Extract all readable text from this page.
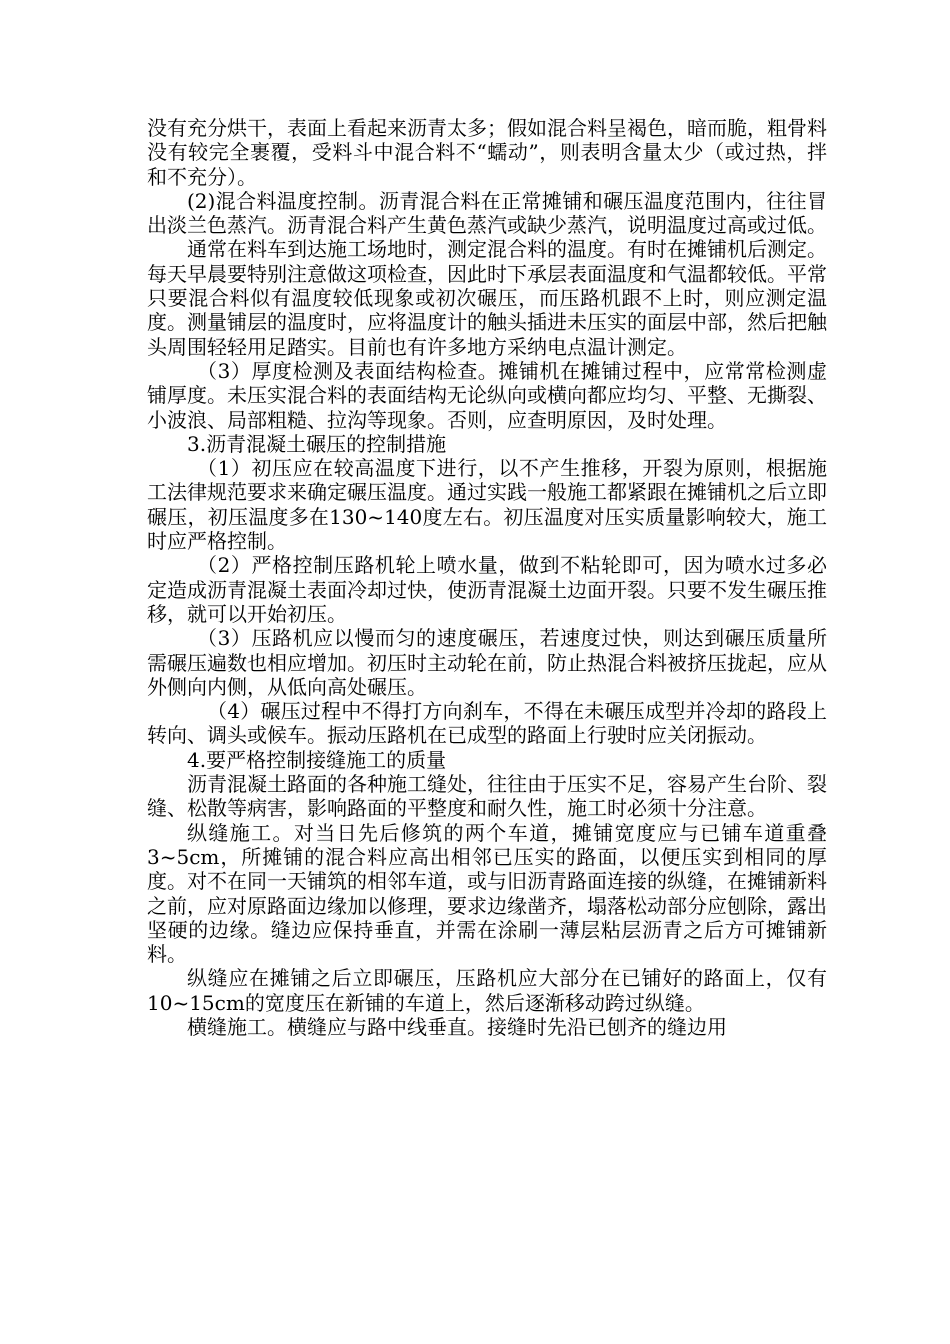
没有充分烘干，表面上看起来沥青太多；假如混合料呈褐色，暗而脆，粗骨料没有较完全裹覆，受料斗中混合料不“蠕动”，则表明含量太少（或过热，拌和不充分）。

(2)混合料温度控制。沥青混合料在正常摊铺和碾压温度范围内，往往冒出淡兰色蒸汽。沥青混合料产生黄色蒸汽或缺少蒸汽，说明温度过高或过低。

通常在料车到达施工场地时，测定混合料的温度。有时在摊铺机后测定。每天早晨要特别注意做这项检查，因此时下承层表面温度和气温都较低。平常只要混合料似有温度较低现象或初次碾压，而压路机跟不上时，则应测定温度。测量铺层的温度时，应将温度计的触头插进未压实的面层中部，然后把触头周围轻轻用足踏实。目前也有许多地方采纳电点温计测定。

（3）厚度检测及表面结构检查。摊铺机在摊铺过程中，应常常检测虚铺厚度。未压实混合料的表面结构无论纵向或横向都应均匀、平整、无撕裂、小波浪、局部粗糙、拉沟等现象。否则，应查明原因，及时处理。

3.沥青混凝土碾压的控制措施

（1）初压应在较高温度下进行，以不产生推移，开裂为原则，根据施工法律规范要求来确定碾压温度。通过实践一般施工都紧跟在摊铺机之后立即碾压，初压温度多在130~140度左右。初压温度对压实质量影响较大，施工时应严格控制。

（2）严格控制压路机轮上喷水量，做到不粘轮即可，因为喷水过多必定造成沥青混凝土表面冷却过快，使沥青混凝土边面开裂。只要不发生碾压推移，就可以开始初压。

（3）压路机应以慢而匀的速度碾压，若速度过快，则达到碾压质量所需碾压遍数也相应增加。初压时主动轮在前，防止热混合料被挤压拢起，应从外侧向内侧，从低向高处碾压。

（4）碾压过程中不得打方向刹车，不得在未碾压成型并冷却的路段上转向、调头或候车。振动压路机在已成型的路面上行驶时应关闭振动。

4.要严格控制接缝施工的质量

沥青混凝土路面的各种施工缝处，往往由于压实不足，容易产生台阶、裂缝、松散等病害，影响路面的平整度和耐久性，施工时必须十分注意。

纵缝施工。对当日先后修筑的两个车道，摊铺宽度应与已铺车道重叠3~5cm，所摊铺的混合料应高出相邻已压实的路面，以便压实到相同的厚度。对不在同一天铺筑的相邻车道，或与旧沥青路面连接的纵缝，在摊铺新料之前，应对原路面边缘加以修理，要求边缘凿齐，塌落松动部分应刨除，露出坚硬的边缘。缝边应保持垂直，并需在涂刷一薄层粘层沥青之后方可摊铺新料。

纵缝应在摊铺之后立即碾压，压路机应大部分在已铺好的路面上，仅有10~15cm的宽度压在新铺的车道上，然后逐渐移动跨过纵缝。

横缝施工。横缝应与路中线垂直。接缝时先沿已刨齐的缝边用
